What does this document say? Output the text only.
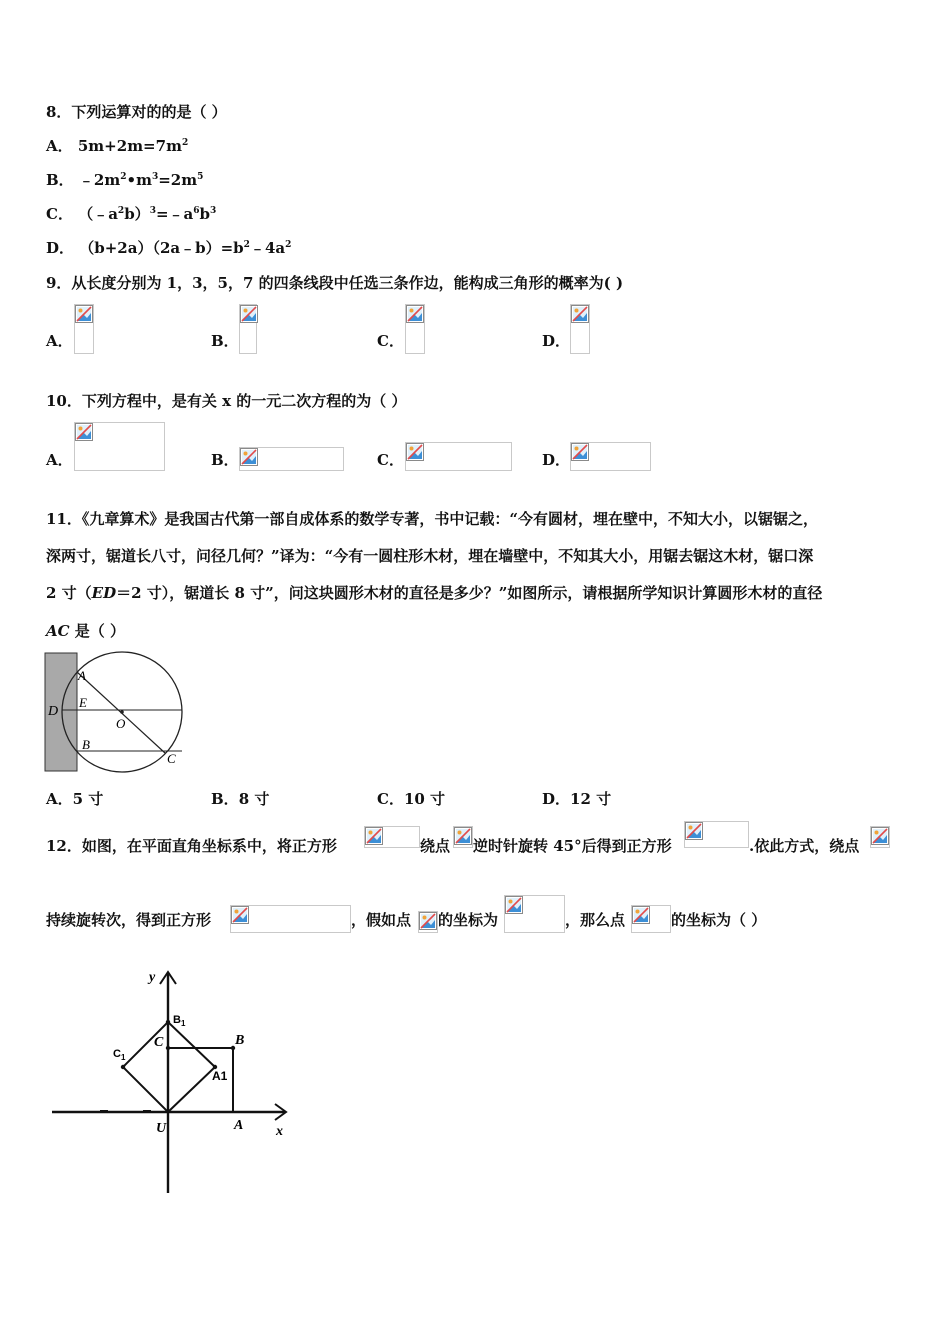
8．下列运算对的的是（ ）
A． $5m+2m=7m^2$
B． $﹣2m^2•m^3=2m^5$
C． $(﹣a^2b)^3=﹣a^6b^3$
D． $(b+2a)(2a﹣b)=b^2﹣4a^2$
9．从长度分别为 1，3，5，7 的四条线段中任选三条作边，能构成三角形的概率为( )
A．	B．	C．	D．
10．下列方程中，是有关 x 的一元二次方程的为（ ）
A．	B．	C．	D．
11．《九章算术》是我国古代第一部自成体系的数学专著，书中记载：“今有圆材，埋在壁中，不知大小，以锯锯之，
深两寸，锯道长八寸，问径几何？”译为：“今有一圆柱形木材，埋在墙壁中，不知其大小，用锯去锯这木材，锯口深
2 寸（ED＝2 寸），锯道长 8 寸”，问这块圆形木材的直径是多少？”如图所示，请根据所学知识计算圆形木材的直径
AC 是（ ）
A
E
D
O
B
C
A．5 寸	B．8 寸	C．10 寸	D．12 寸
12．如图，在平面直角坐标系中，将正方形	绕点 逆时针旋转 45°后得到正方形	.依此方式，绕点
持续旋转次，得到正方形	，假如点 的坐标为	，那么点	的坐标为（ ）
y
x
$B_1$
B
C
$C_1$
A1
U	A
